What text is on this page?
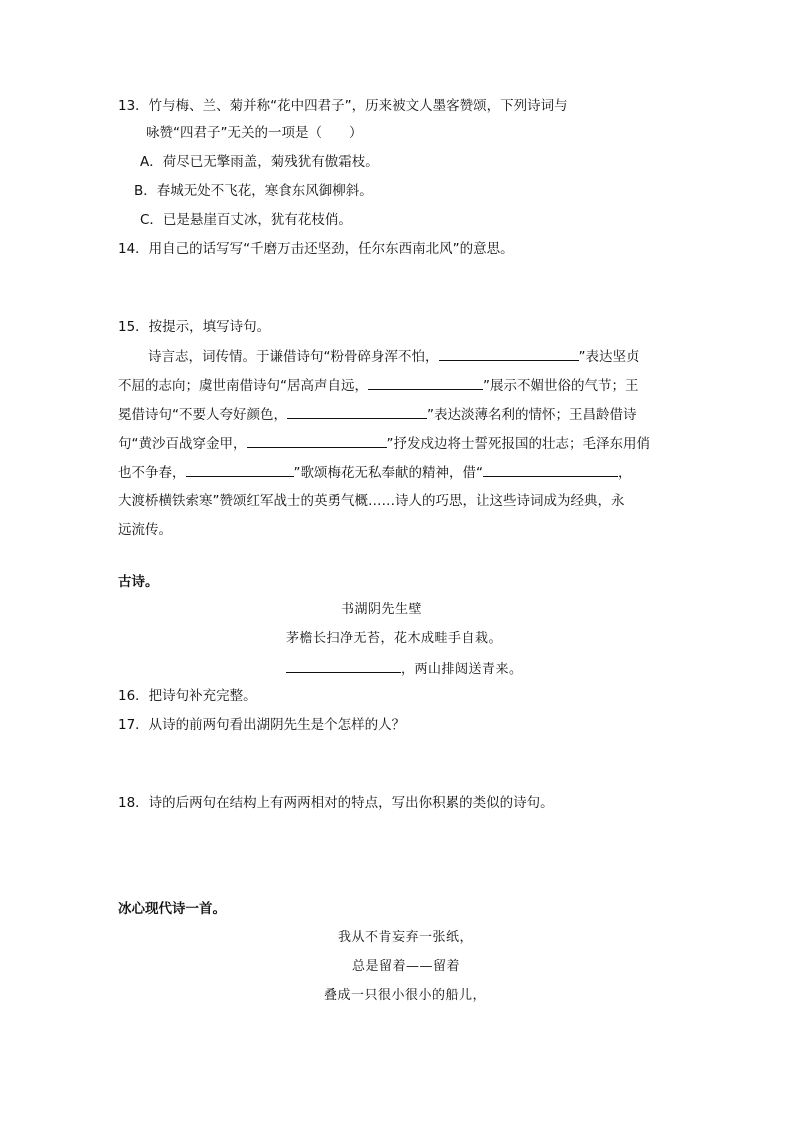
13．竹与梅、兰、菊并称“花中四君子”，历来被文人墨客赞颂，下列诗词与
咏赞“四君子”无关的一项是（　　）
A．荷尽已无擎雨盖，菊残犹有傲霜枝。
B．春城无处不飞花，寒食东风御柳斜。
C．已是悬崖百丈冰，犹有花枝俏。
14．用自己的话写写“千磨万击还坚劲，任尔东西南北风”的意思。
15．按提示，填写诗句。
诗言志，词传情。于谦借诗句“粉骨碎身浑不怕，	”表达坚贞
不屈的志向；虞世南借诗句“居高声自远，	”展示不媚世俗的气节；王
冕借诗句“不要人夸好颜色，	”表达淡薄名利的情怀；王昌龄借诗
句“黄沙百战穿金甲，	”抒发戍边将士誓死报国的壮志；毛泽东用俏
也不争春，	”歌颂梅花无私奉献的精神，借“	，
大渡桥横铁索寒”赞颂红军战士的英勇气概……诗人的巧思，让这些诗词成为经典，永
远流传。
古诗。
书湖阴先生壁
茅檐长扫净无苔，花木成畦手自栽。
，两山排闼送青来。
16．把诗句补充完整。
17．从诗的前两句看出湖阴先生是个怎样的人？
18．诗的后两句在结构上有两两相对的特点，写出你积累的类似的诗句。
冰心现代诗一首。
我从不肯妄弃一张纸，
总是留着——留着
叠成一只很小很小的船儿，
